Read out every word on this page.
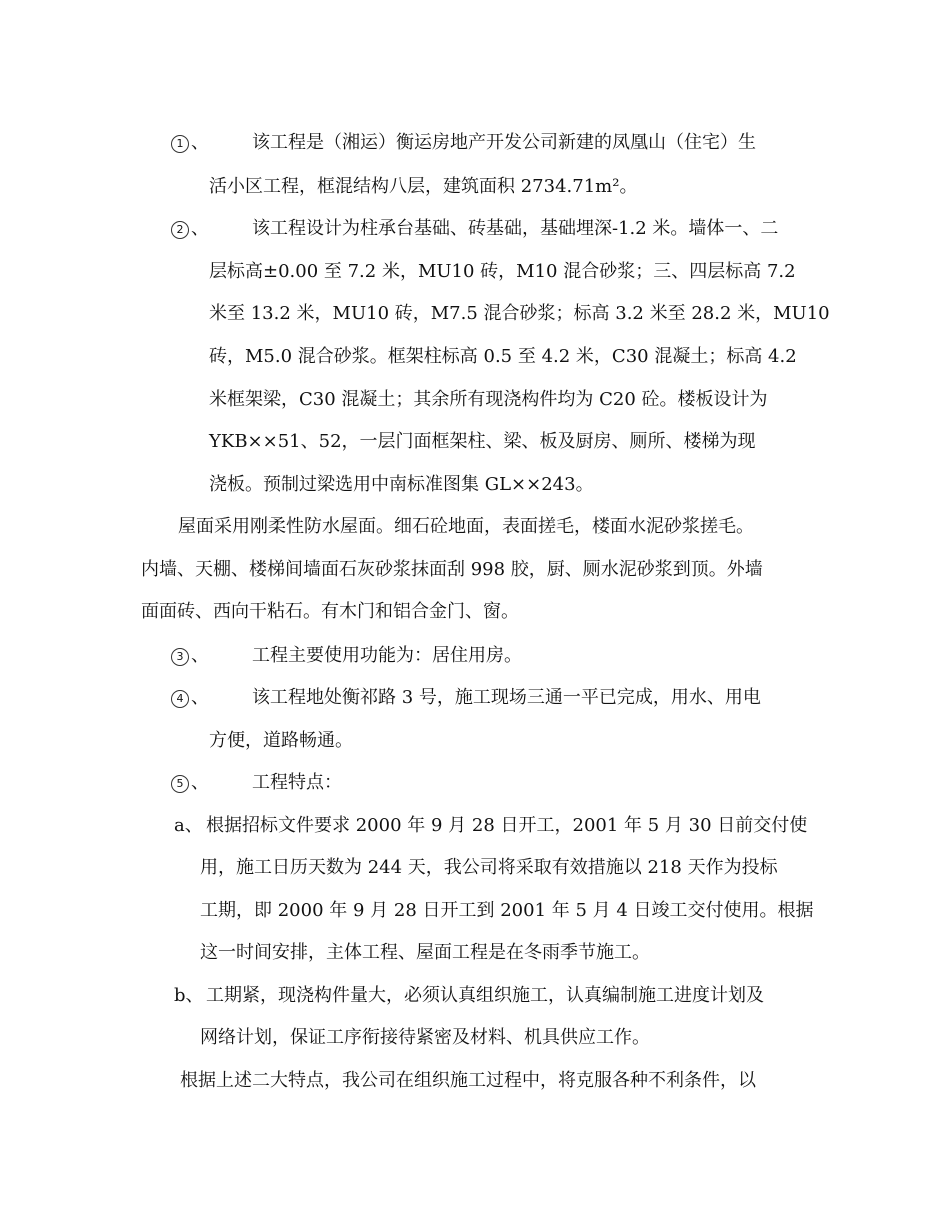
1 、 该工程是（湘运）衡运房地产开发公司新建的凤凰山（住宅）生
活小区工程，框混结构八层，建筑面积 2734.71m²。
2 、 该工程设计为柱承台基础、砖基础，基础埋深-1.2 米。墙体一、二
层标高±0.00 至 7.2 米，MU10 砖，M10 混合砂浆；三、四层标高 7.2
米至 13.2 米，MU10 砖，M7.5 混合砂浆；标高 3.2 米至 28.2 米，MU10
砖，M5.0 混合砂浆。框架柱标高 0.5 至 4.2 米，C30 混凝土；标高 4.2
米框架梁，C30 混凝土；其余所有现浇构件均为 C20 砼。楼板设计为
YKB××51、52，一层门面框架柱、梁、板及厨房、厕所、楼梯为现
浇板。预制过梁选用中南标准图集 GL××243。
屋面采用刚柔性防水屋面。细石砼地面，表面搓毛，楼面水泥砂浆搓毛。
内墙、天棚、楼梯间墙面石灰砂浆抹面刮 998 胶，厨、厕水泥砂浆到顶。外墙
面面砖、西向干粘石。有木门和铝合金门、窗。
3 、 工程主要使用功能为：居住用房。
4 、 该工程地处衡祁路 3 号，施工现场三通一平已完成，用水、用电
方便，道路畅通。
5 、 工程特点：
a、 根据招标文件要求 2000 年 9 月 28 日开工，2001 年 5 月 30 日前交付使
用，施工日历天数为 244 天，我公司将采取有效措施以 218 天作为投标
工期，即 2000 年 9 月 28 日开工到 2001 年 5 月 4 日竣工交付使用。根据
这一时间安排，主体工程、屋面工程是在冬雨季节施工。
b、 工期紧，现浇构件量大，必须认真组织施工，认真编制施工进度计划及
网络计划，保证工序衔接待紧密及材料、机具供应工作。
根据上述二大特点，我公司在组织施工过程中，将克服各种不利条件，以
